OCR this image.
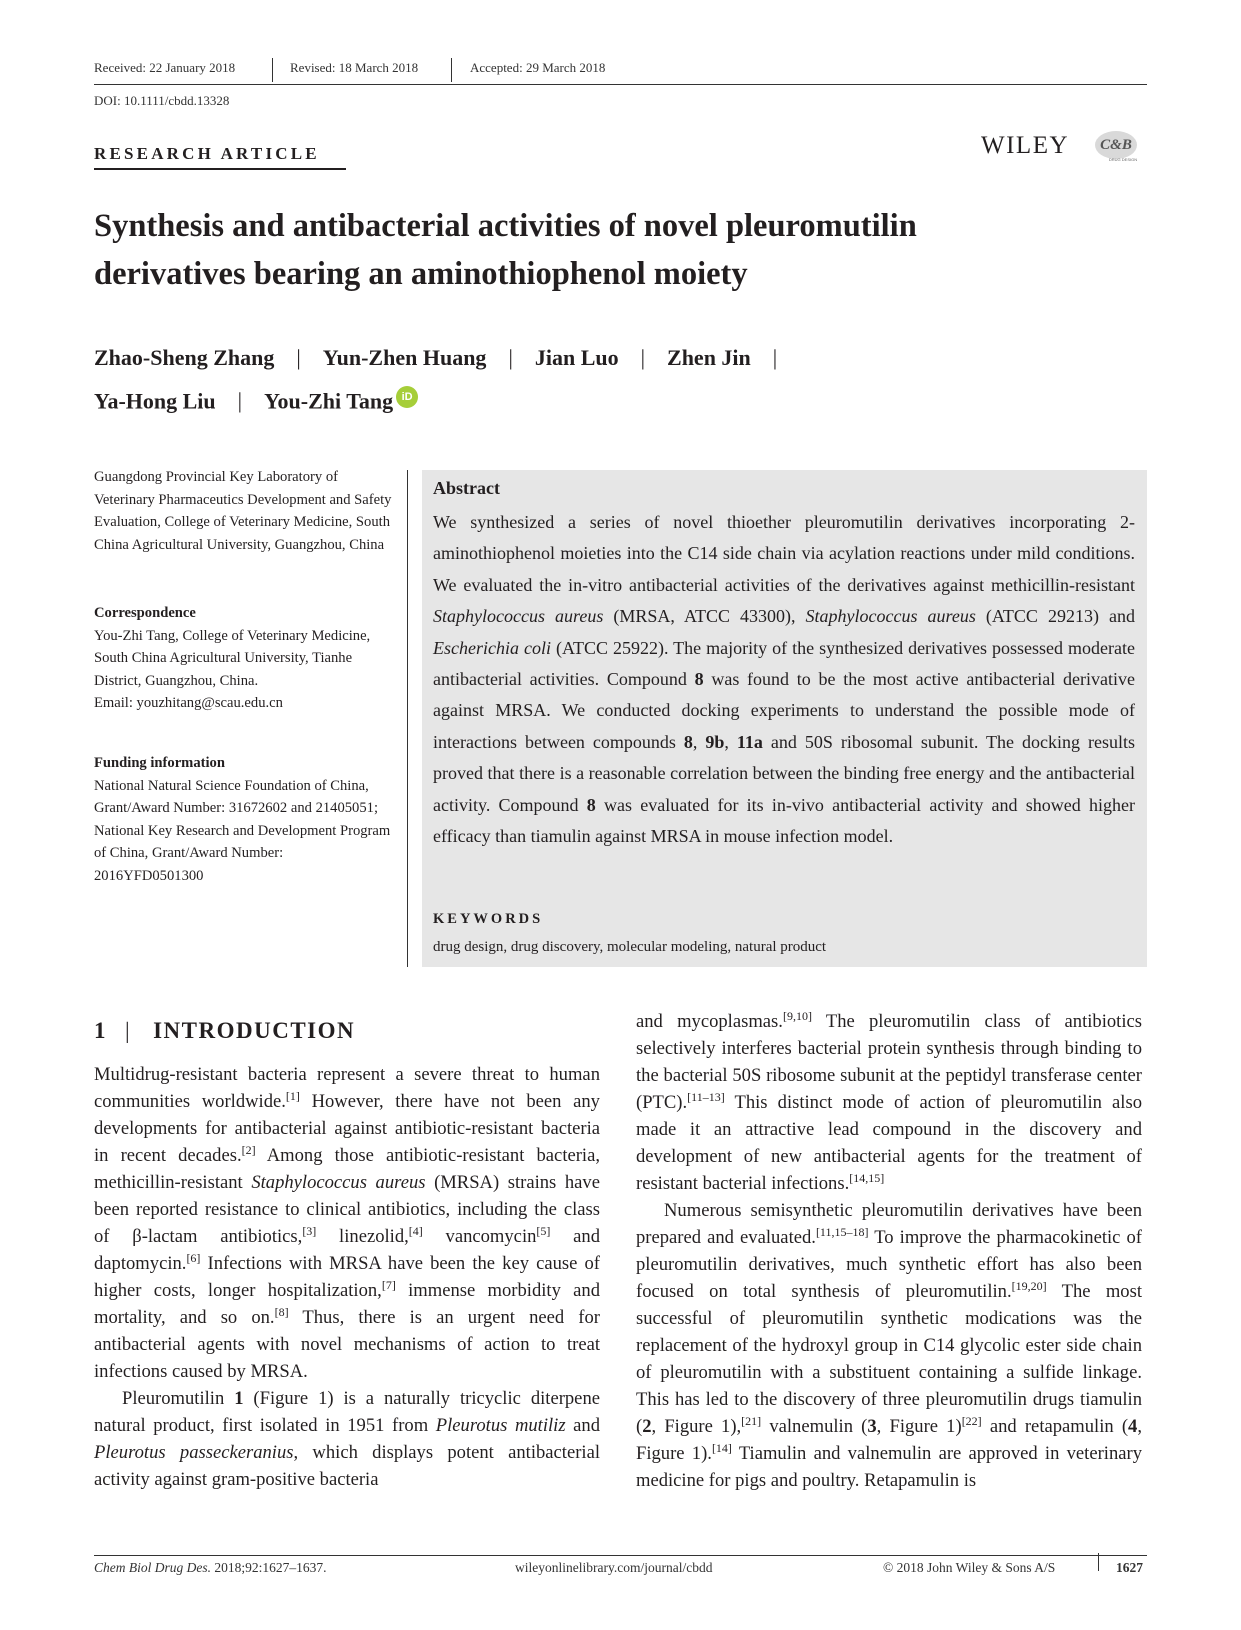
Received: 22 January 2018	Revised: 18 March 2018	Accepted: 29 March 2018
DOI: 10.1111/cbdd.13328
RESEARCH ARTICLE	WILEY C&B
DRUG DESIGN
Synthesis and antibacterial activities of novel pleuromutilin
derivatives bearing an aminothiophenol moiety
Zhao-Sheng Zhang | Yun-Zhen Huang | Jian Luo | Zhen Jin |
Ya-Hong Liu | You-Zhi Tang iD
Guangdong Provincial Key Laboratory of Veterinary Pharmaceutics Development and Safety Evaluation, College of Veterinary Medicine, South China Agricultural University, Guangzhou, China
Correspondence
You-Zhi Tang, College of Veterinary Medicine, South China Agricultural University, Tianhe District, Guangzhou, China.
Email: youzhitang@scau.edu.cn
Funding information
National Natural Science Foundation of China, Grant/Award Number: 31672602 and 21405051; National Key Research and Development Program of China, Grant/Award Number: 2016YFD0501300
Abstract
We synthesized a series of novel thioether pleuromutilin derivatives incorporating 2-aminothiophenol moieties into the C14 side chain via acylation reactions under mild conditions. We evaluated the in-vitro antibacterial activities of the derivatives against methicillin-resistant Staphylococcus aureus (MRSA, ATCC 43300), Staphylococcus aureus (ATCC 29213) and Escherichia coli (ATCC 25922). The majority of the synthesized derivatives possessed moderate antibacterial activities. Compound 8 was found to be the most active antibacterial derivative against MRSA. We conducted docking experiments to understand the possible mode of interactions between compounds 8, 9b, 11a and 50S ribosomal subunit. The docking results proved that there is a reasonable correlation between the binding free energy and the antibacterial activity. Compound 8 was evaluated for its in-vivo antibacterial activity and showed higher efficacy than tiamulin against MRSA in mouse infection model.
KEYWORDS
drug design, drug discovery, molecular modeling, natural product
1 | INTRODUCTION

Multidrug-resistant bacteria represent a severe threat to human communities worldwide.[1] However, there have not been any developments for antibacterial against antibiotic-resistant bacteria in recent decades.[2] Among those antibiotic-resistant bacteria, methicillin-resistant Staphylococcus aureus (MRSA) strains have been reported resistance to clinical antibiotics, including the class of β-lactam antibiotics,[3] linezolid,[4] vancomycin[5] and daptomycin.[6] Infections with MRSA have been the key cause of higher costs, longer hospitalization,[7] immense morbidity and mortality, and so on.[8] Thus, there is an urgent need for antibacterial agents with novel mechanisms of action to treat infections caused by MRSA.

Pleuromutilin 1 (Figure 1) is a naturally tricyclic diterpene natural product, first isolated in 1951 from Pleurotus mutiliz and Pleurotus passeckeranius, which displays potent antibacterial activity against gram-positive bacteria

and mycoplasmas.[9,10] The pleuromutilin class of antibiotics selectively interferes bacterial protein synthesis through binding to the bacterial 50S ribosome subunit at the peptidyl transferase center (PTC).[11–13] This distinct mode of action of pleuromutilin also made it an attractive lead compound in the discovery and development of new antibacterial agents for the treatment of resistant bacterial infections.[14,15]

Numerous semisynthetic pleuromutilin derivatives have been prepared and evaluated.[11,15–18] To improve the pharmacokinetic of pleuromutilin derivatives, much synthetic effort has also been focused on total synthesis of pleuromutilin.[19,20] The most successful of pleuromutilin synthetic modications was the replacement of the hydroxyl group in C14 glycolic ester side chain of pleuromutilin with a substituent containing a sulfide linkage. This has led to the discovery of three pleuromutilin drugs tiamulin (2, Figure 1),[21] valnemulin (3, Figure 1)[22] and retapamulin (4, Figure 1).[14] Tiamulin and valnemulin are approved in veterinary medicine for pigs and poultry. Retapamulin is

Chem Biol Drug Des. 2018;92:1627–1637.	wileyonlinelibrary.com/journal/cbdd	© 2018 John Wiley & Sons A/S	1627
